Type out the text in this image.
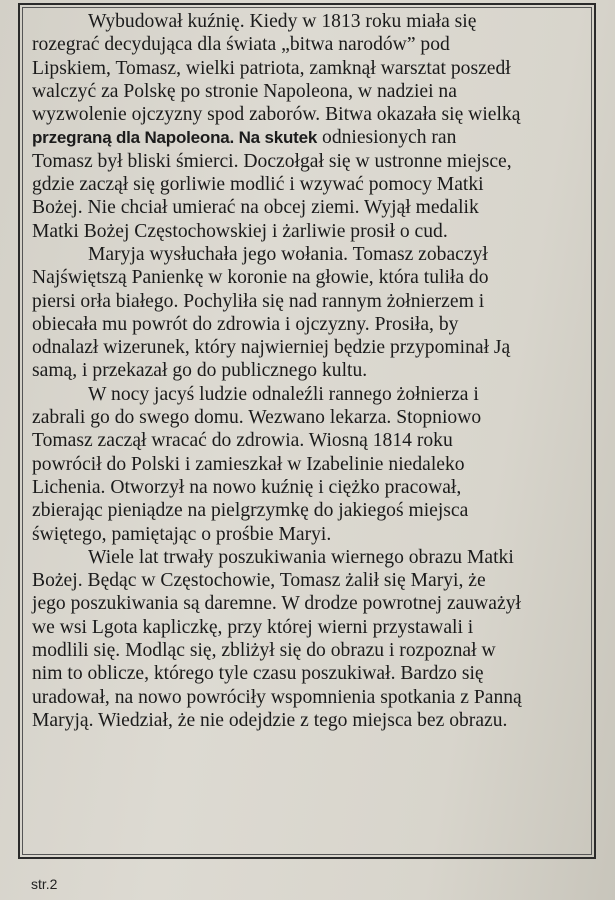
Wybudował kuźnię. Kiedy w 1813 roku miała się
rozegrać decydująca dla świata „bitwa narodów” pod
Lipskiem, Tomasz, wielki patriota, zamknął warsztat poszedł
walczyć za Polskę po stronie Napoleona, w nadziei na
wyzwolenie ojczyzny spod zaborów. Bitwa okazała się wielką
przegraną dla Napoleona. Na skutek odniesionych ran
Tomasz był bliski śmierci. Doczołgał się w ustronne miejsce,
gdzie zaczął się gorliwie modlić i wzywać pomocy Matki
Bożej. Nie chciał umierać na obcej ziemi. Wyjął medalik
Matki Bożej Częstochowskiej i żarliwie prosił o cud.
Maryja wysłuchała jego wołania. Tomasz zobaczył
Najświętszą Panienkę w koronie na głowie, która tuliła do
piersi orła białego. Pochyliła się nad rannym żołnierzem i
obiecała mu powrót do zdrowia i ojczyzny. Prosiła, by
odnalazł wizerunek, który najwierniej będzie przypominał Ją
samą, i przekazał go do publicznego kultu.
W nocy jacyś ludzie odnaleźli rannego żołnierza i
zabrali go do swego domu. Wezwano lekarza. Stopniowo
Tomasz zaczął wracać do zdrowia. Wiosną 1814 roku
powrócił do Polski i zamieszkał w Izabelinie niedaleko
Lichenia. Otworzył na nowo kuźnię i ciężko pracował,
zbierając pieniądze na pielgrzymkę do jakiegoś miejsca
świętego, pamiętając o prośbie Maryi.
Wiele lat trwały poszukiwania wiernego obrazu Matki
Bożej. Będąc w Częstochowie, Tomasz żalił się Maryi, że
jego poszukiwania są daremne. W drodze powrotnej zauważył
we wsi Lgota kapliczkę, przy której wierni przystawali i
modlili się. Modląc się, zbliżył się do obrazu i rozpoznał w
nim to oblicze, którego tyle czasu poszukiwał. Bardzo się
uradował, na nowo powróciły wspomnienia spotkania z Panną
Maryją. Wiedział, że nie odejdzie z tego miejsca bez obrazu.
str.2
